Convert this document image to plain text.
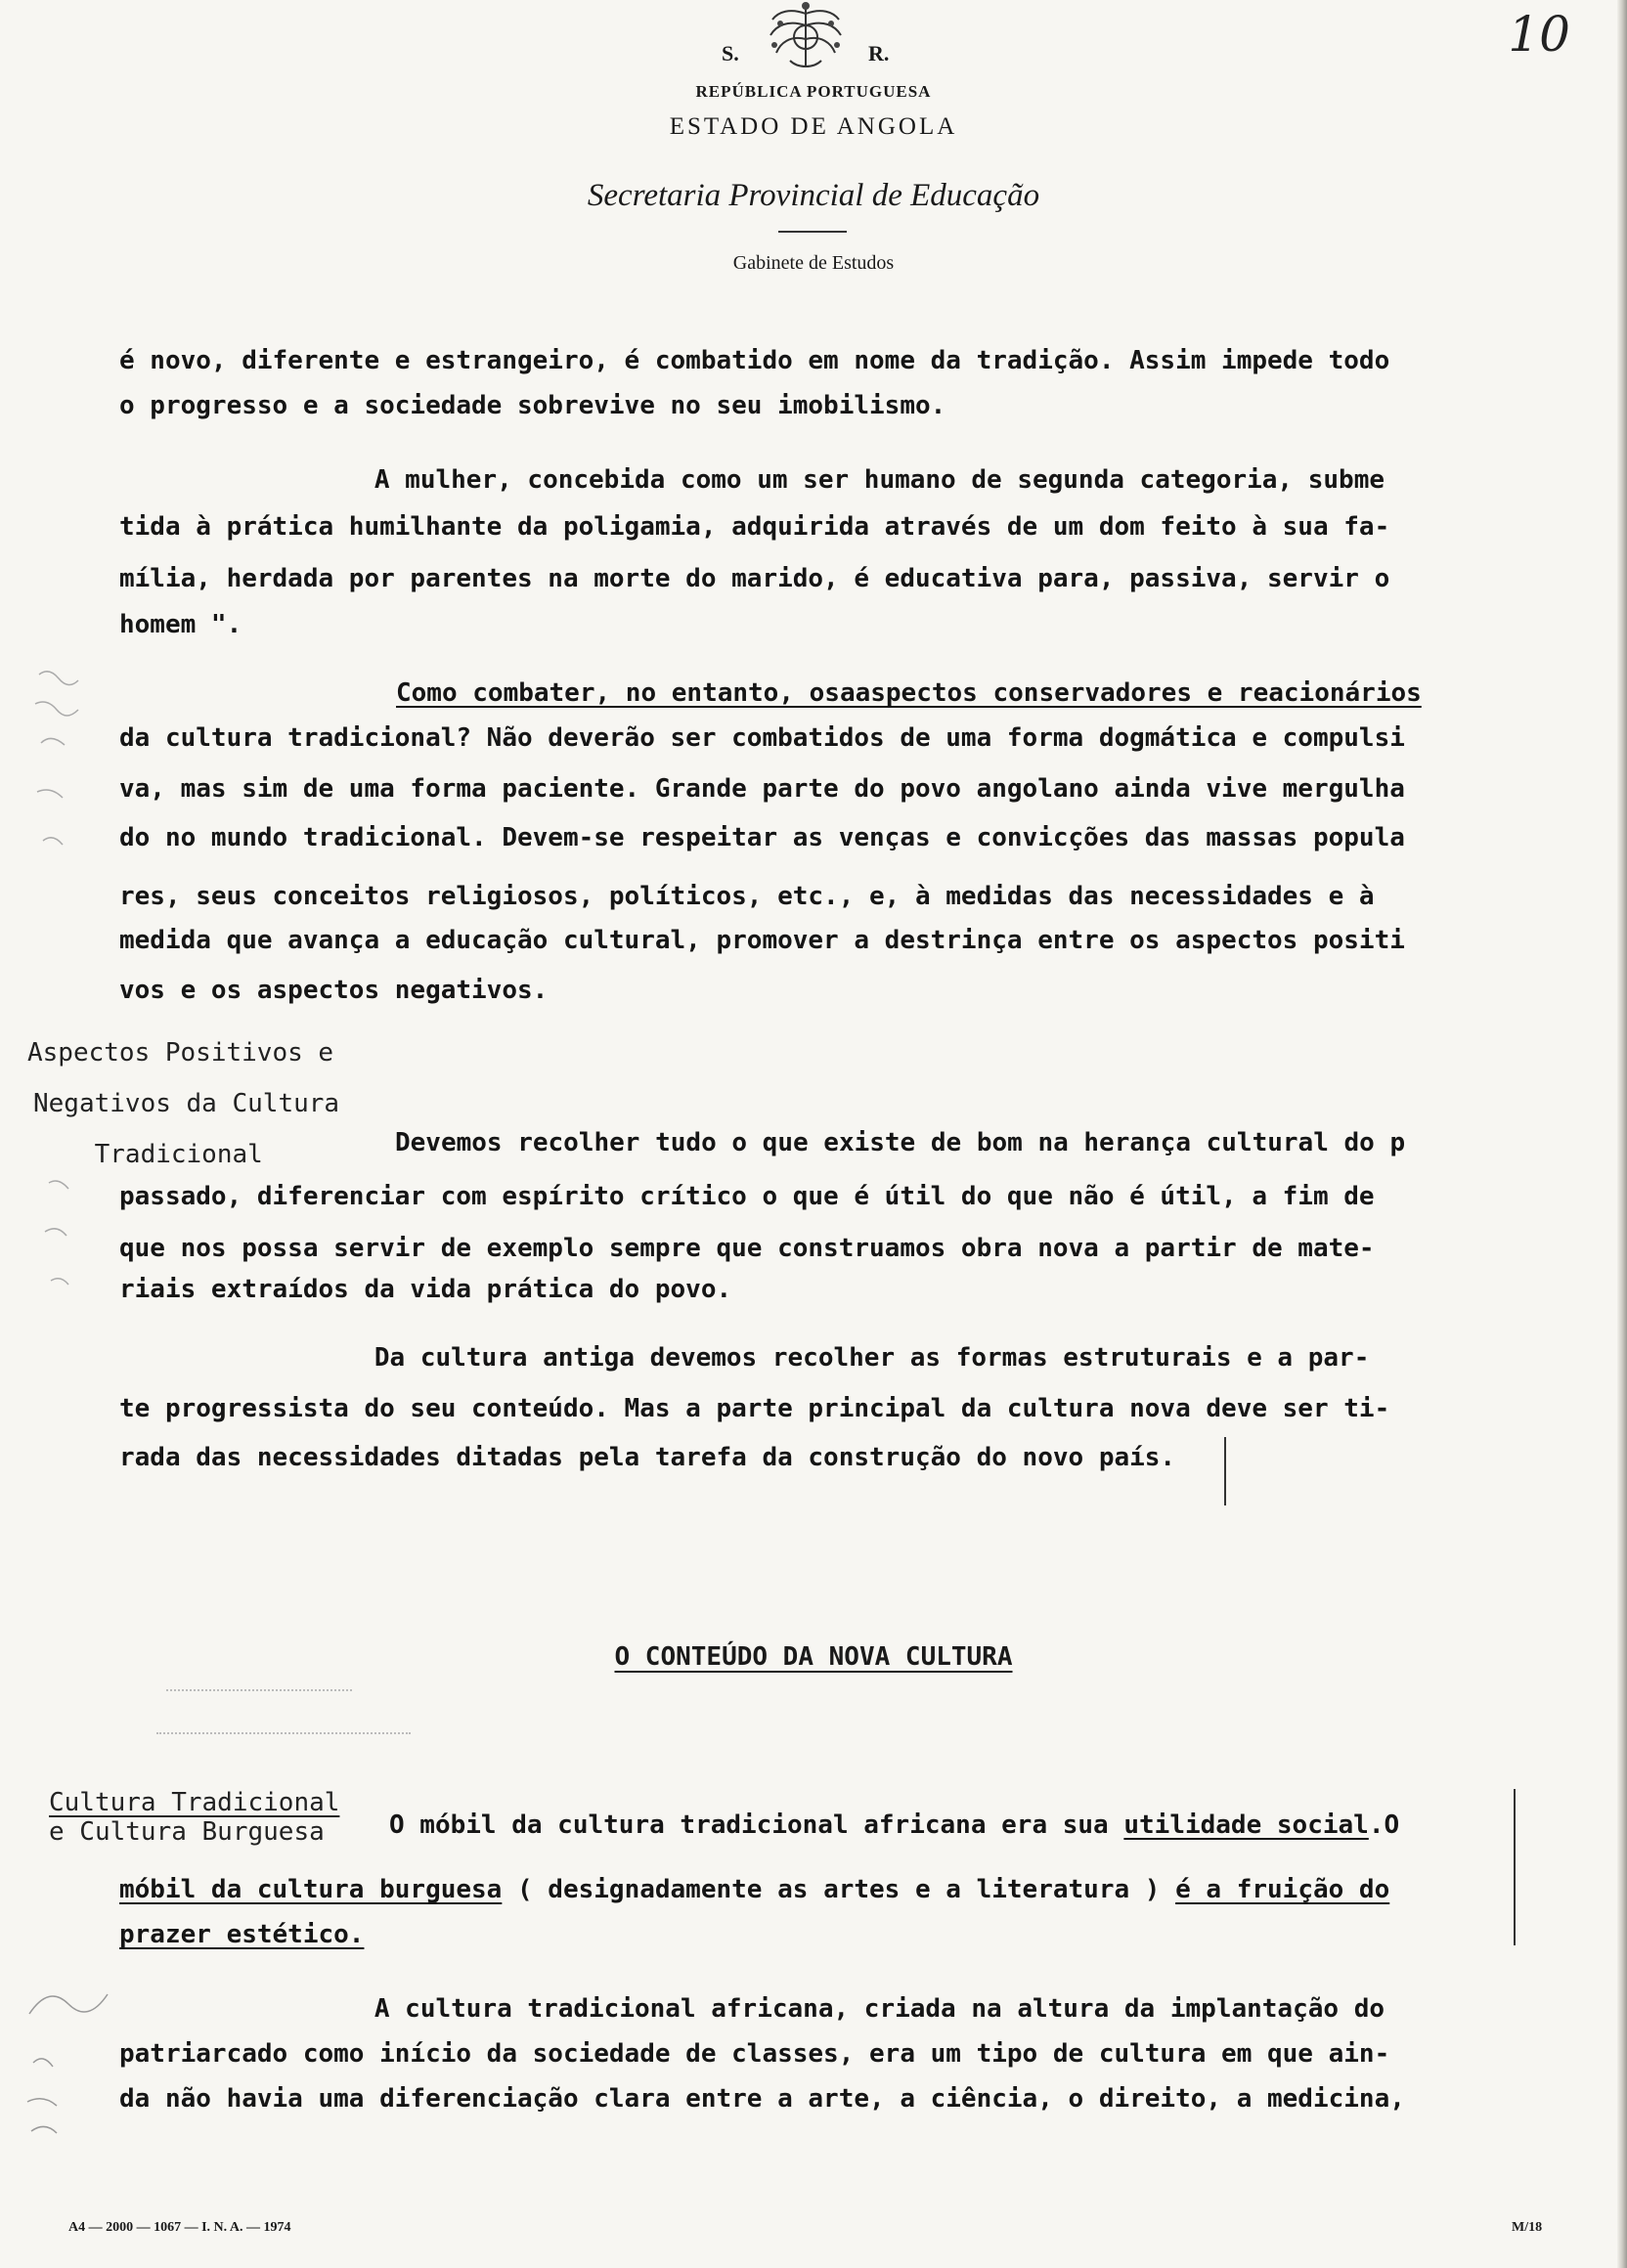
10
S.	R.
REPÚBLICA PORTUGUESA
ESTADO DE ANGOLA
Secretaria Provincial de Educação
Gabinete de Estudos
é novo, diferente e estrangeiro, é combatido em nome da tradição. Assim impede todo
o progresso e a sociedade sobrevive no seu imobilismo.
A mulher, concebida como um ser humano de segunda categoria, subme
tida à prática humilhante da poligamia, adquirida através de um dom feito à sua fa-
mília, herdada por parentes na morte do marido, é educativa para, passiva, servir o
homem ".
Como combater, no entanto, osaaspectos conservadores e reacionários
da cultura tradicional? Não deverão ser combatidos de uma forma dogmática e compulsi
va, mas sim de uma forma paciente. Grande parte do povo angolano ainda vive mergulha
do no mundo tradicional. Devem-se respeitar as venças e convicções das massas popula
res, seus conceitos religiosos, políticos, etc., e, à medidas das necessidades e à
medida que avança a educação cultural, promover a destrinça entre os aspectos positi
vos e os aspectos negativos.
Aspectos Positivos e
Negativos da Cultura
Tradicional	Devemos recolher tudo o que existe de bom na herança cultural do p
passado, diferenciar com espírito crítico o que é útil do que não é útil, a fim de
que nos possa servir de exemplo sempre que construamos obra nova a partir de mate-
riais extraídos da vida prática do povo.
Da cultura antiga devemos recolher as formas estruturais e a par-
te progressista do seu conteúdo. Mas a parte principal da cultura nova deve ser ti-
rada das necessidades ditadas pela tarefa da construção do novo país.
O CONTEÚDO DA NOVA CULTURA
Cultura Tradicional
e Cultura Burguesa	O móbil da cultura tradicional africana era sua utilidade social.O
móbil da cultura burguesa ( designadamente as artes e a literatura ) é a fruição do
prazer estético.
A cultura tradicional africana, criada na altura da implantação do
patriarcado como início da sociedade de classes, era um tipo de cultura em que ain-
da não havia uma diferenciação clara entre a arte, a ciência, o direito, a medicina,
A4 — 2000 — 1067 — I. N. A. — 1974	M/18
